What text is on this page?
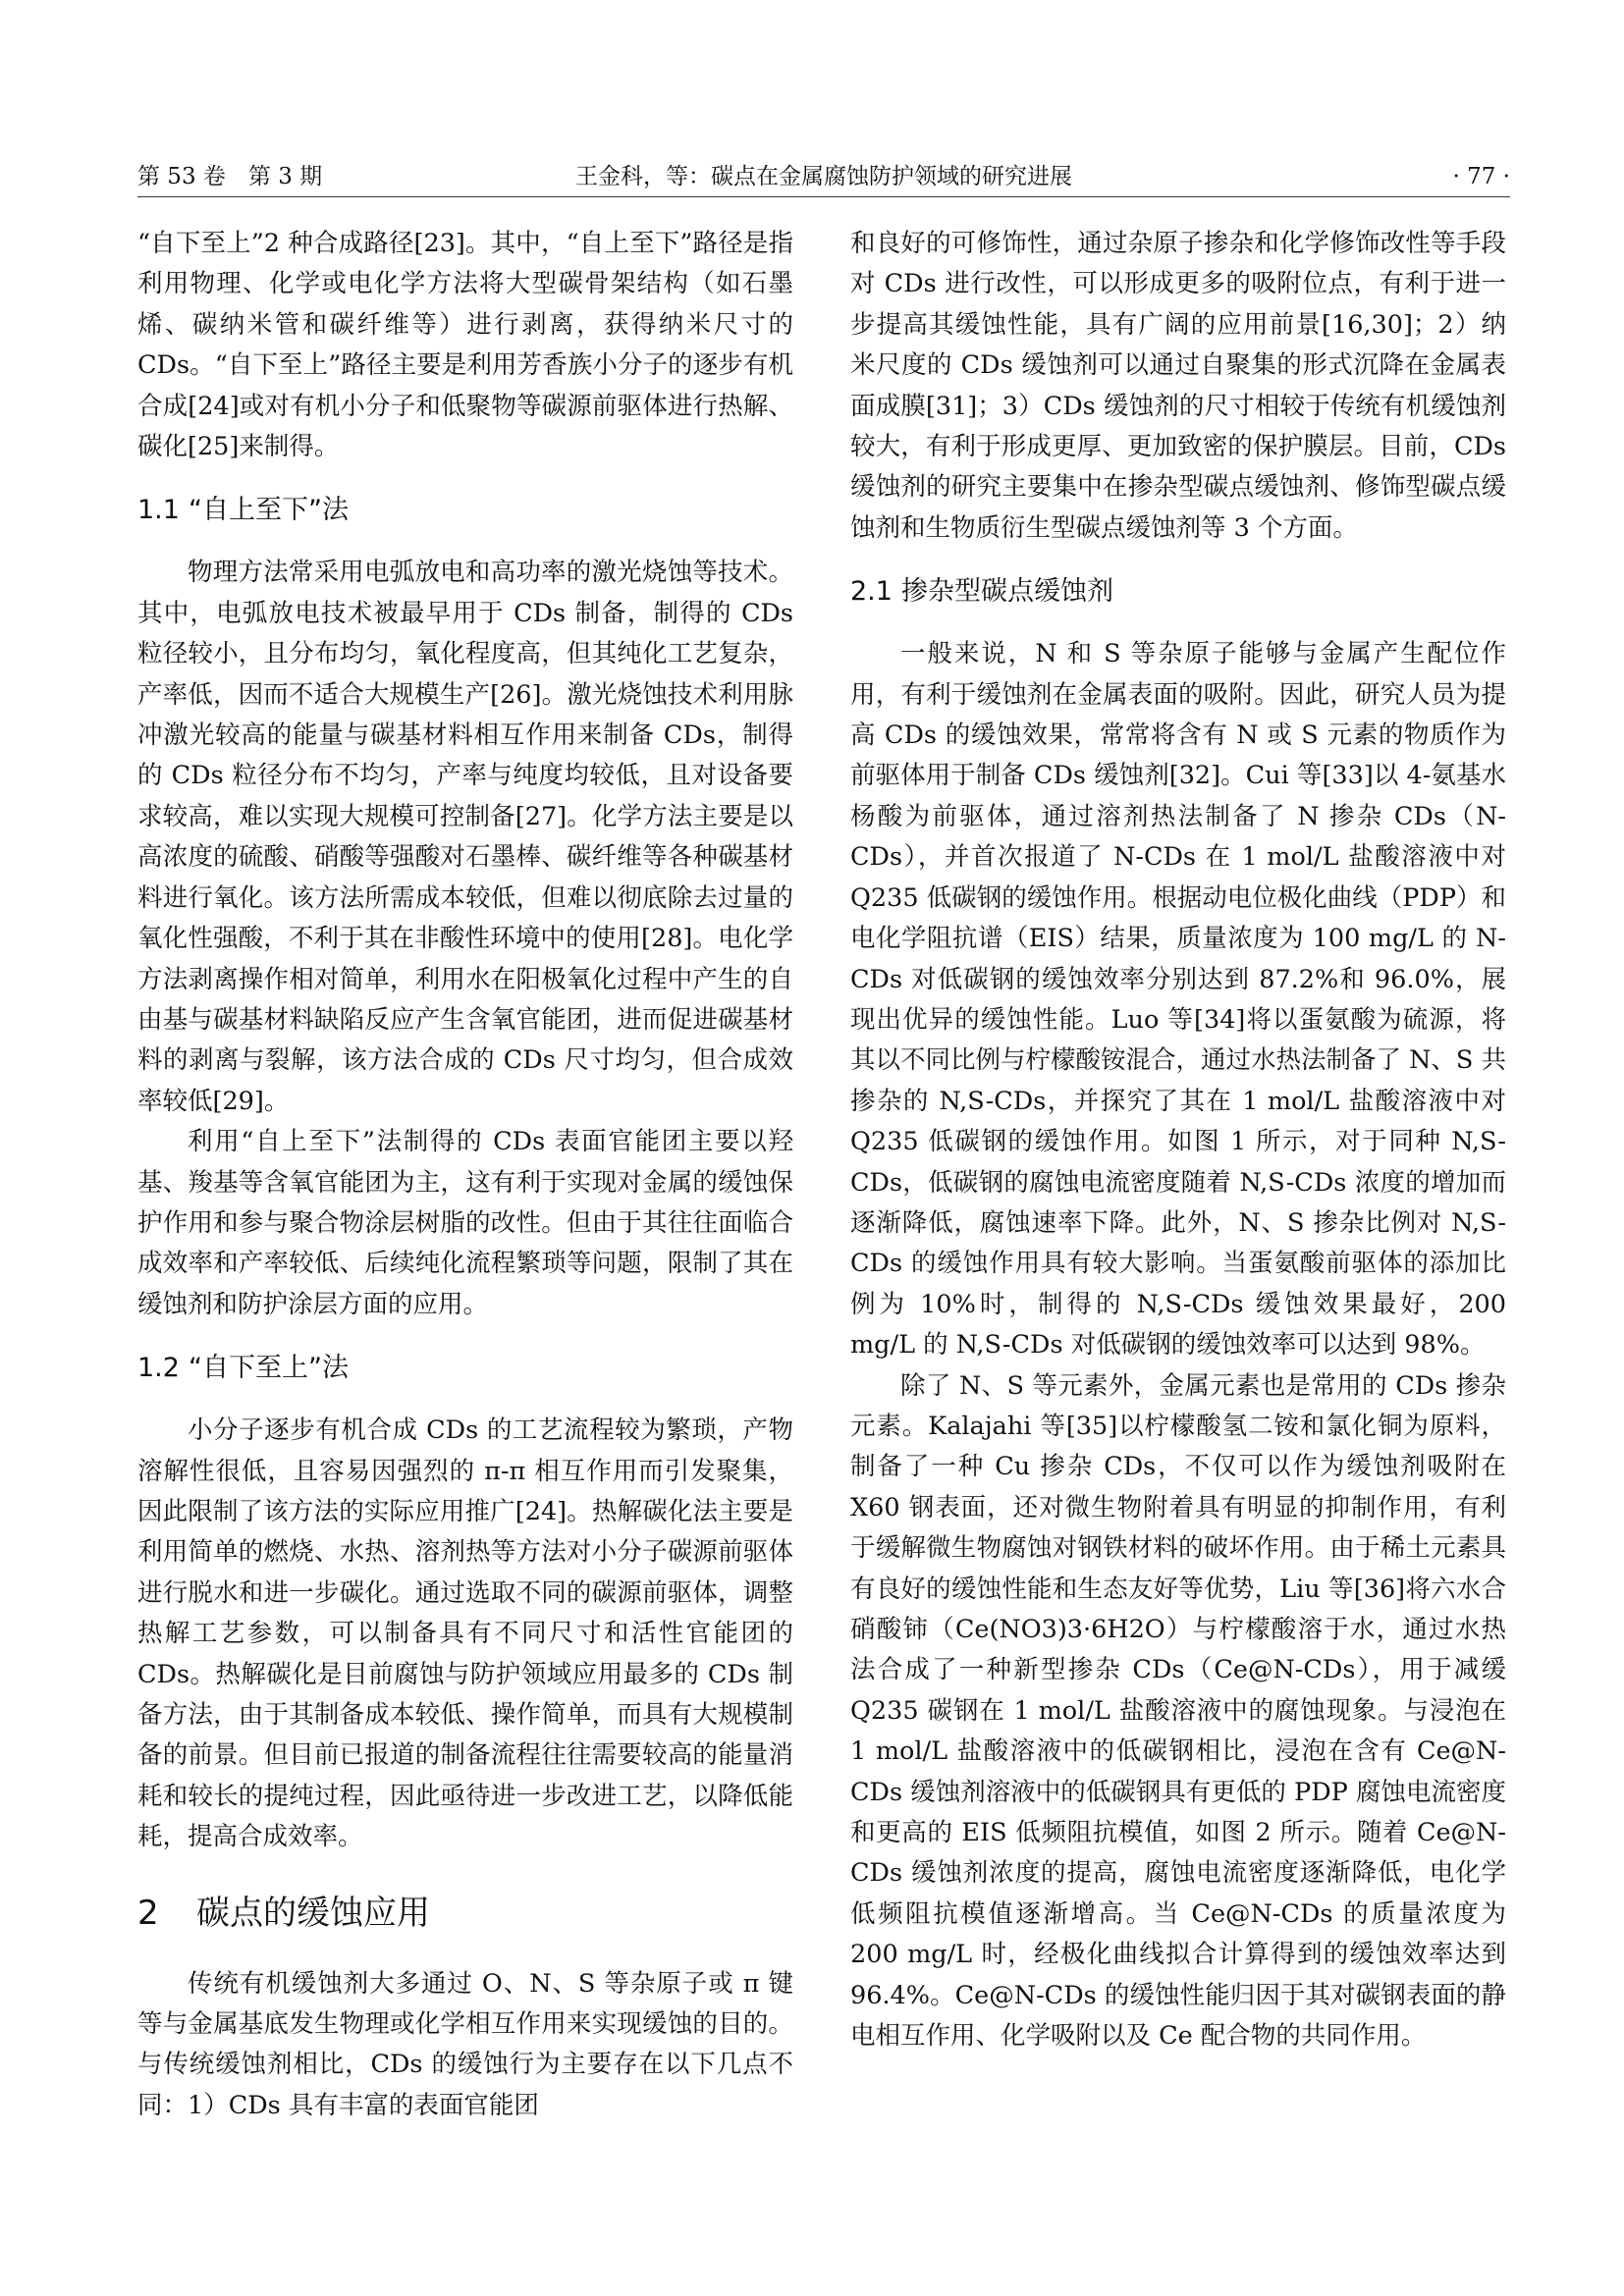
第 53 卷　第 3 期	王金科，等：碳点在金属腐蚀防护领域的研究进展	· 77 ·

“自下至上”2 种合成路径[23]。其中，“自上至下”路径是指利用物理、化学或电化学方法将大型碳骨架结构（如石墨烯、碳纳米管和碳纤维等）进行剥离，获得纳米尺寸的 CDs。“自下至上”路径主要是利用芳香族小分子的逐步有机合成[24]或对有机小分子和低聚物等碳源前驱体进行热解、碳化[25]来制得。

1.1 “自上至下”法

物理方法常采用电弧放电和高功率的激光烧蚀等技术。其中，电弧放电技术被最早用于 CDs 制备，制得的 CDs 粒径较小，且分布均匀，氧化程度高，但其纯化工艺复杂，产率低，因而不适合大规模生产[26]。激光烧蚀技术利用脉冲激光较高的能量与碳基材料相互作用来制备 CDs，制得的 CDs 粒径分布不均匀，产率与纯度均较低，且对设备要求较高，难以实现大规模可控制备[27]。化学方法主要是以高浓度的硫酸、硝酸等强酸对石墨棒、碳纤维等各种碳基材料进行氧化。该方法所需成本较低，但难以彻底除去过量的氧化性强酸，不利于其在非酸性环境中的使用[28]。电化学方法剥离操作相对简单，利用水在阳极氧化过程中产生的自由基与碳基材料缺陷反应产生含氧官能团，进而促进碳基材料的剥离与裂解，该方法合成的 CDs 尺寸均匀，但合成效率较低[29]。

利用“自上至下”法制得的 CDs 表面官能团主要以羟基、羧基等含氧官能团为主，这有利于实现对金属的缓蚀保护作用和参与聚合物涂层树脂的改性。但由于其往往面临合成效率和产率较低、后续纯化流程繁琐等问题，限制了其在缓蚀剂和防护涂层方面的应用。

1.2 “自下至上”法

小分子逐步有机合成 CDs 的工艺流程较为繁琐，产物溶解性很低，且容易因强烈的 π-π 相互作用而引发聚集，因此限制了该方法的实际应用推广[24]。热解碳化法主要是利用简单的燃烧、水热、溶剂热等方法对小分子碳源前驱体进行脱水和进一步碳化。通过选取不同的碳源前驱体，调整热解工艺参数，可以制备具有不同尺寸和活性官能团的 CDs。热解碳化是目前腐蚀与防护领域应用最多的 CDs 制备方法，由于其制备成本较低、操作简单，而具有大规模制备的前景。但目前已报道的制备流程往往需要较高的能量消耗和较长的提纯过程，因此亟待进一步改进工艺，以降低能耗，提高合成效率。

2 碳点的缓蚀应用

传统有机缓蚀剂大多通过 O、N、S 等杂原子或 π 键等与金属基底发生物理或化学相互作用来实现缓蚀的目的。与传统缓蚀剂相比，CDs 的缓蚀行为主要存在以下几点不同：1）CDs 具有丰富的表面官能团

和良好的可修饰性，通过杂原子掺杂和化学修饰改性等手段对 CDs 进行改性，可以形成更多的吸附位点，有利于进一步提高其缓蚀性能，具有广阔的应用前景[16,30]；2）纳米尺度的 CDs 缓蚀剂可以通过自聚集的形式沉降在金属表面成膜[31]；3）CDs 缓蚀剂的尺寸相较于传统有机缓蚀剂较大，有利于形成更厚、更加致密的保护膜层。目前，CDs 缓蚀剂的研究主要集中在掺杂型碳点缓蚀剂、修饰型碳点缓蚀剂和生物质衍生型碳点缓蚀剂等 3 个方面。

2.1 掺杂型碳点缓蚀剂

一般来说，N 和 S 等杂原子能够与金属产生配位作用，有利于缓蚀剂在金属表面的吸附。因此，研究人员为提高 CDs 的缓蚀效果，常常将含有 N 或 S 元素的物质作为前驱体用于制备 CDs 缓蚀剂[32]。Cui 等[33]以 4-氨基水杨酸为前驱体，通过溶剂热法制备了 N 掺杂 CDs（N-CDs），并首次报道了 N-CDs 在 1 mol/L 盐酸溶液中对 Q235 低碳钢的缓蚀作用。根据动电位极化曲线（PDP）和电化学阻抗谱（EIS）结果，质量浓度为 100 mg/L 的 N-CDs 对低碳钢的缓蚀效率分别达到 87.2%和 96.0%，展现出优异的缓蚀性能。Luo 等[34]将以蛋氨酸为硫源，将其以不同比例与柠檬酸铵混合，通过水热法制备了 N、S 共掺杂的 N,S-CDs，并探究了其在 1 mol/L 盐酸溶液中对 Q235 低碳钢的缓蚀作用。如图 1 所示，对于同种 N,S-CDs，低碳钢的腐蚀电流密度随着 N,S-CDs 浓度的增加而逐渐降低，腐蚀速率下降。此外，N、S 掺杂比例对 N,S-CDs 的缓蚀作用具有较大影响。当蛋氨酸前驱体的添加比例为 10%时，制得的 N,S-CDs 缓蚀效果最好，200 mg/L 的 N,S-CDs 对低碳钢的缓蚀效率可以达到 98%。

除了 N、S 等元素外，金属元素也是常用的 CDs 掺杂元素。Kalajahi 等[35]以柠檬酸氢二铵和氯化铜为原料，制备了一种 Cu 掺杂 CDs，不仅可以作为缓蚀剂吸附在 X60 钢表面，还对微生物附着具有明显的抑制作用，有利于缓解微生物腐蚀对钢铁材料的破坏作用。由于稀土元素具有良好的缓蚀性能和生态友好等优势，Liu 等[36]将六水合硝酸铈（Ce(NO3)3·6H2O）与柠檬酸溶于水，通过水热法合成了一种新型掺杂 CDs（Ce@N-CDs），用于减缓 Q235 碳钢在 1 mol/L 盐酸溶液中的腐蚀现象。与浸泡在 1 mol/L 盐酸溶液中的低碳钢相比，浸泡在含有 Ce@N-CDs 缓蚀剂溶液中的低碳钢具有更低的 PDP 腐蚀电流密度和更高的 EIS 低频阻抗模值，如图 2 所示。随着 Ce@N-CDs 缓蚀剂浓度的提高，腐蚀电流密度逐渐降低，电化学低频阻抗模值逐渐增高。当 Ce@N-CDs 的质量浓度为 200 mg/L 时，经极化曲线拟合计算得到的缓蚀效率达到 96.4%。Ce@N-CDs 的缓蚀性能归因于其对碳钢表面的静电相互作用、化学吸附以及 Ce 配合物的共同作用。
